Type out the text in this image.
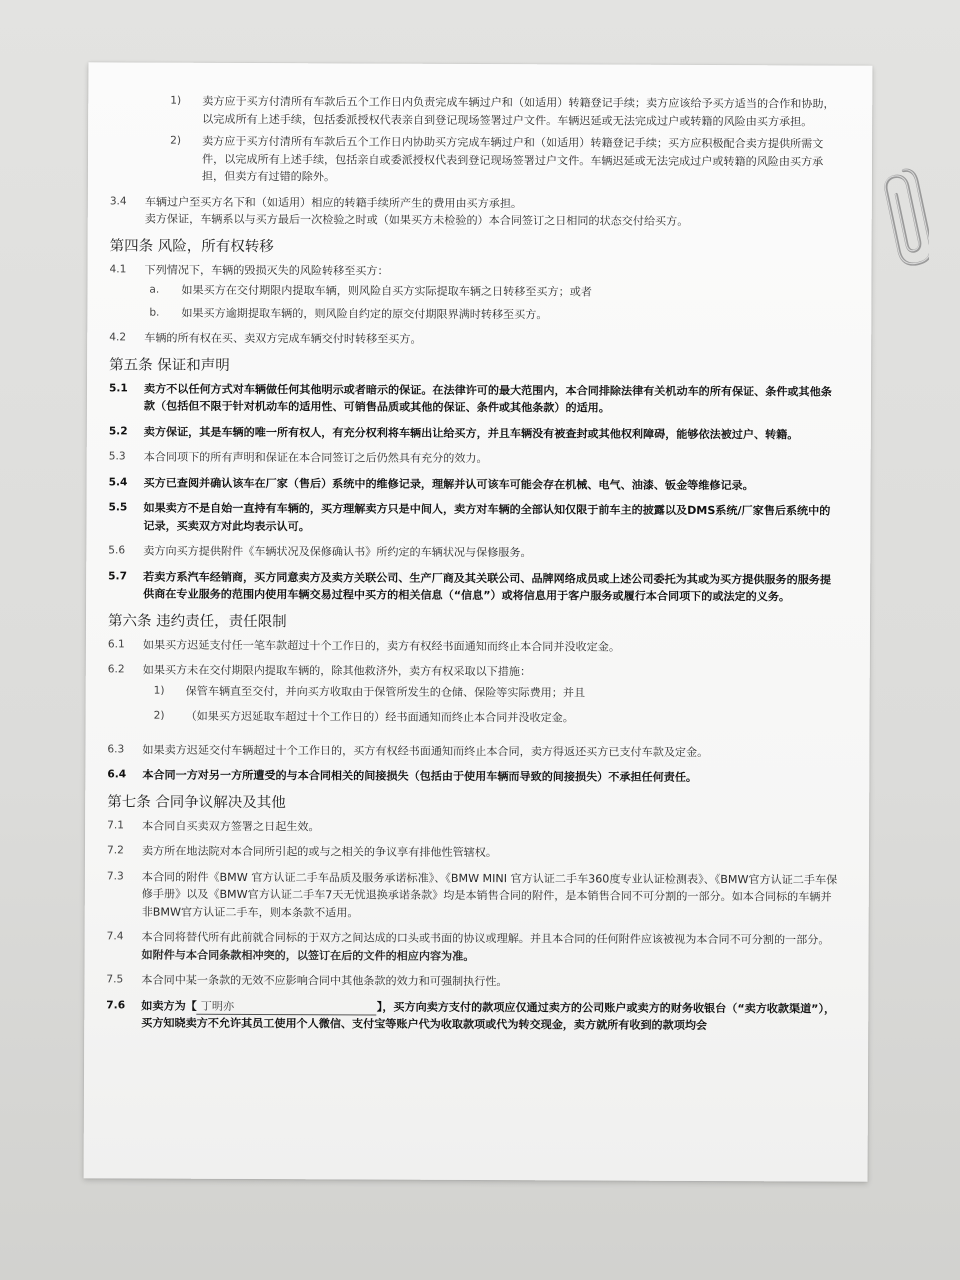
1)	卖方应于买方付清所有车款后五个工作日内负责完成车辆过户和（如适用）转籍登记手续；卖方应该给予买方适当的合作和协助，以完成所有上述手续，包括委派授权代表亲自到登记现场签署过户文件。车辆迟延或无法完成过户或转籍的风险由买方承担。
2)	卖方应于买方付清所有车款后五个工作日内协助买方完成车辆过户和（如适用）转籍登记手续；买方应积极配合卖方提供所需文件，以完成所有上述手续，包括亲自或委派授权代表到登记现场签署过户文件。车辆迟延或无法完成过户或转籍的风险由买方承担，但卖方有过错的除外。
3.4	车辆过户至买方名下和（如适用）相应的转籍手续所产生的费用由买方承担。
卖方保证，车辆系以与买方最后一次检验之时或（如果买方未检验的）本合同签订之日相同的状态交付给买方。
第四条 风险，所有权转移
4.1	下列情况下，车辆的毁损灭失的风险转移至买方：
a.	如果买方在交付期限内提取车辆，则风险自买方实际提取车辆之日转移至买方；或者
b.	如果买方逾期提取车辆的，则风险自约定的原交付期限界满时转移至买方。
4.2	车辆的所有权在买、卖双方完成车辆交付时转移至买方。
第五条 保证和声明
5.1	卖方不以任何方式对车辆做任何其他明示或者暗示的保证。在法律许可的最大范围内，本合同排除法律有关机动车的所有保证、条件或其他条款（包括但不限于针对机动车的适用性、可销售品质或其他的保证、条件或其他条款）的适用。
5.2	卖方保证，其是车辆的唯一所有权人，有充分权利将车辆出让给买方，并且车辆没有被查封或其他权利障碍，能够依法被过户、转籍。
5.3	本合同项下的所有声明和保证在本合同签订之后仍然具有充分的效力。
5.4	买方已查阅并确认该车在厂家（售后）系统中的维修记录，理解并认可该车可能会存在机械、电气、油漆、钣金等维修记录。
5.5	如果卖方不是自始一直持有车辆的，买方理解卖方只是中间人，卖方对车辆的全部认知仅限于前车主的披露以及DMS系统/厂家售后系统中的记录，买卖双方对此均表示认可。
5.6	卖方向买方提供附件《车辆状况及保修确认书》所约定的车辆状况与保修服务。
5.7	若卖方系汽车经销商，买方同意卖方及卖方关联公司、生产厂商及其关联公司、品牌网络成员或上述公司委托为其或为买方提供服务的服务提供商在专业服务的范围内使用车辆交易过程中买方的相关信息（“信息”）或将信息用于客户服务或履行本合同项下的或法定的义务。
第六条 违约责任，责任限制
6.1	如果买方迟延支付任一笔车款超过十个工作日的，卖方有权经书面通知而终止本合同并没收定金。
6.2	如果买方未在交付期限内提取车辆的，除其他救济外，卖方有权采取以下措施：
1)	保管车辆直至交付，并向买方收取由于保管所发生的仓储、保险等实际费用；并且
2)	（如果买方迟延取车超过十个工作日的）经书面通知而终止本合同并没收定金。
6.3	如果卖方迟延交付车辆超过十个工作日的，买方有权经书面通知而终止本合同，卖方得返还买方已支付车款及定金。
6.4	本合同一方对另一方所遭受的与本合同相关的间接损失（包括由于使用车辆而导致的间接损失）不承担任何责任。
第七条 合同争议解决及其他
7.1	本合同自买卖双方签署之日起生效。
7.2	卖方所在地法院对本合同所引起的或与之相关的争议享有排他性管辖权。
7.3	本合同的附件《BMW 官方认证二手车品质及服务承诺标准》、《BMW MINI 官方认证二手车360度专业认证检测表》、《BMW官方认证二手车保修手册》以及《BMW官方认证二手车7天无忧退换承诺条款》均是本销售合同的附件，是本销售合同不可分割的一部分。如本合同标的车辆并非BMW官方认证二手车，则本条款不适用。
7.4	本合同将替代所有此前就合同标的于双方之间达成的口头或书面的协议或理解。并且本合同的任何附件应该被视为本合同不可分割的一部分。如附件与本合同条款相冲突的，以签订在后的文件的相应内容为准。
7.5	本合同中某一条款的无效不应影响合同中其他条款的效力和可强制执行性。
7.6	如卖方为【 丁明亦	】，买方向卖方支付的款项应仅通过卖方的公司账户或卖方的财务收银台（“卖方收款渠道”），买方知晓卖方不允许其员工使用个人微信、支付宝等账户代为收取款项或代为转交现金，卖方就所有收到的款项均会
